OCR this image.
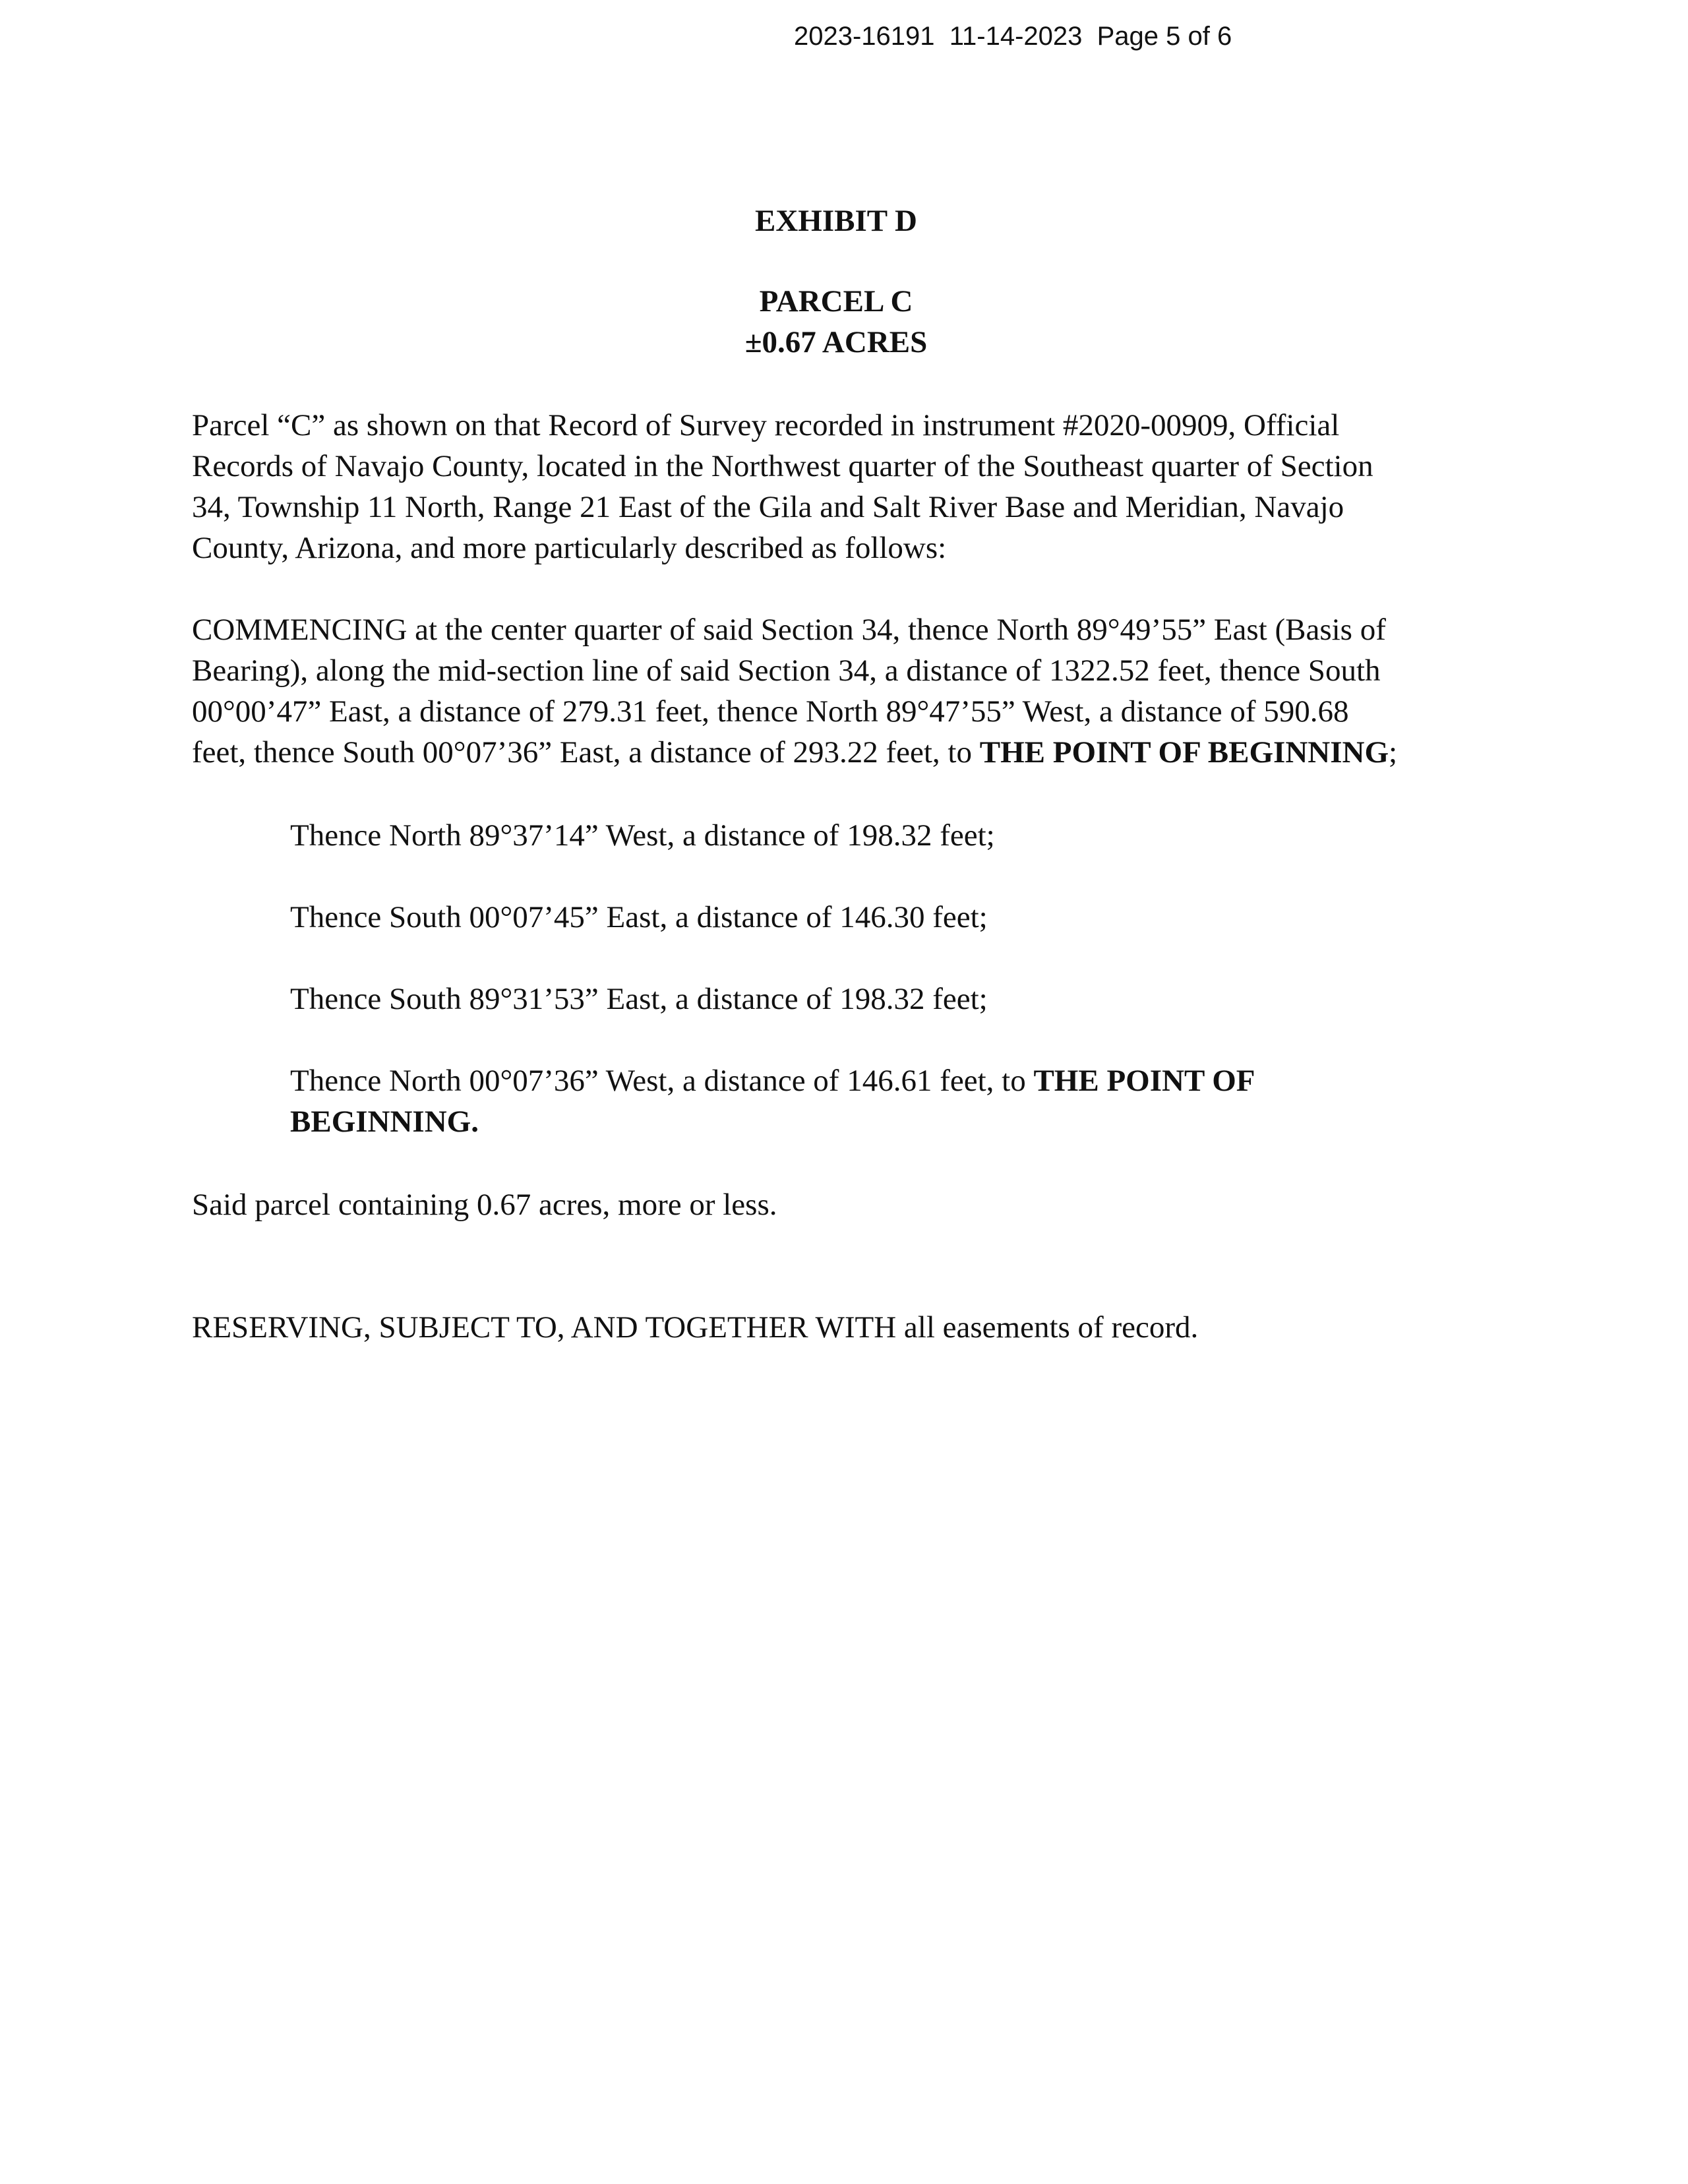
2023-16191  11-14-2023  Page 5 of 6
EXHIBIT D
PARCEL C
±0.67 ACRES
Parcel “C” as shown on that Record of Survey recorded in instrument #2020-00909, Official
Records of Navajo County, located in the Northwest quarter of the Southeast quarter of Section
34, Township 11 North, Range 21 East of the Gila and Salt River Base and Meridian, Navajo
County, Arizona, and more particularly described as follows:
COMMENCING at the center quarter of said Section 34, thence North 89°49’55” East (Basis of
Bearing), along the mid-section line of said Section 34, a distance of 1322.52 feet, thence South
00°00’47” East, a distance of 279.31 feet, thence North 89°47’55” West, a distance of 590.68
feet, thence South 00°07’36” East, a distance of 293.22 feet, to THE POINT OF BEGINNING;
Thence North 89°37’14” West, a distance of 198.32 feet;
Thence South 00°07’45” East, a distance of 146.30 feet;
Thence South 89°31’53” East, a distance of 198.32 feet;
Thence North 00°07’36” West, a distance of 146.61 feet, to THE POINT OF
BEGINNING.
Said parcel containing 0.67 acres, more or less.
RESERVING, SUBJECT TO, AND TOGETHER WITH all easements of record.
